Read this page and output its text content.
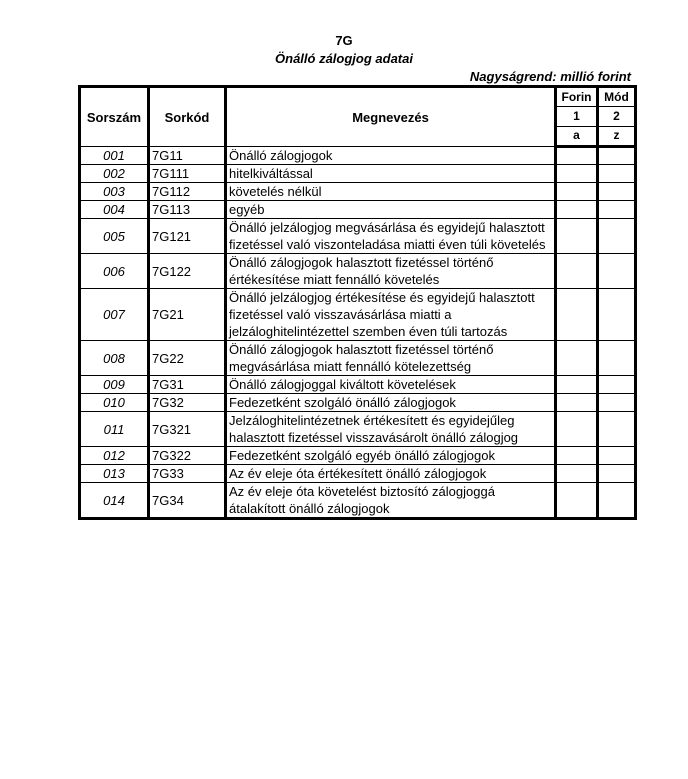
7G
Önálló zálogjog adatai
Nagyságrend: millió forint
Sorszám	Sorkód	Megnevezés	Forin	Mód
			1	2
			a	z
001	7G11	Önálló zálogjogok		
002	7G111	hitelkiváltással		
003	7G112	követelés nélkül		
004	7G113	egyéb		
005	7G121	Önálló jelzálogjog megvásárlása és egyidejű halasztott fizetéssel való viszonteladása miatti éven túli követelés		
006	7G122	Önálló zálogjogok halasztott fizetéssel történő értékesítése miatt fennálló követelés		
007	7G21	Önálló jelzálogjog értékesítése és egyidejű halasztott fizetéssel való visszavásárlása miatti a jelzáloghitelintézettel szemben éven túli tartozás		
008	7G22	Önálló zálogjogok halasztott fizetéssel történő megvásárlása miatt fennálló kötelezettség		
009	7G31	Önálló zálogjoggal kiváltott követelések		
010	7G32	Fedezetként szolgáló önálló zálogjogok		
011	7G321	Jelzáloghitelintézetnek értékesített és egyidejűleg halasztott fizetéssel visszavásárolt önálló zálogjog		
012	7G322	Fedezetként szolgáló egyéb önálló zálogjogok		
013	7G33	Az év eleje óta értékesített önálló zálogjogok		
014	7G34	Az év eleje óta követelést biztosító zálogjoggá átalakított önálló zálogjogok		
